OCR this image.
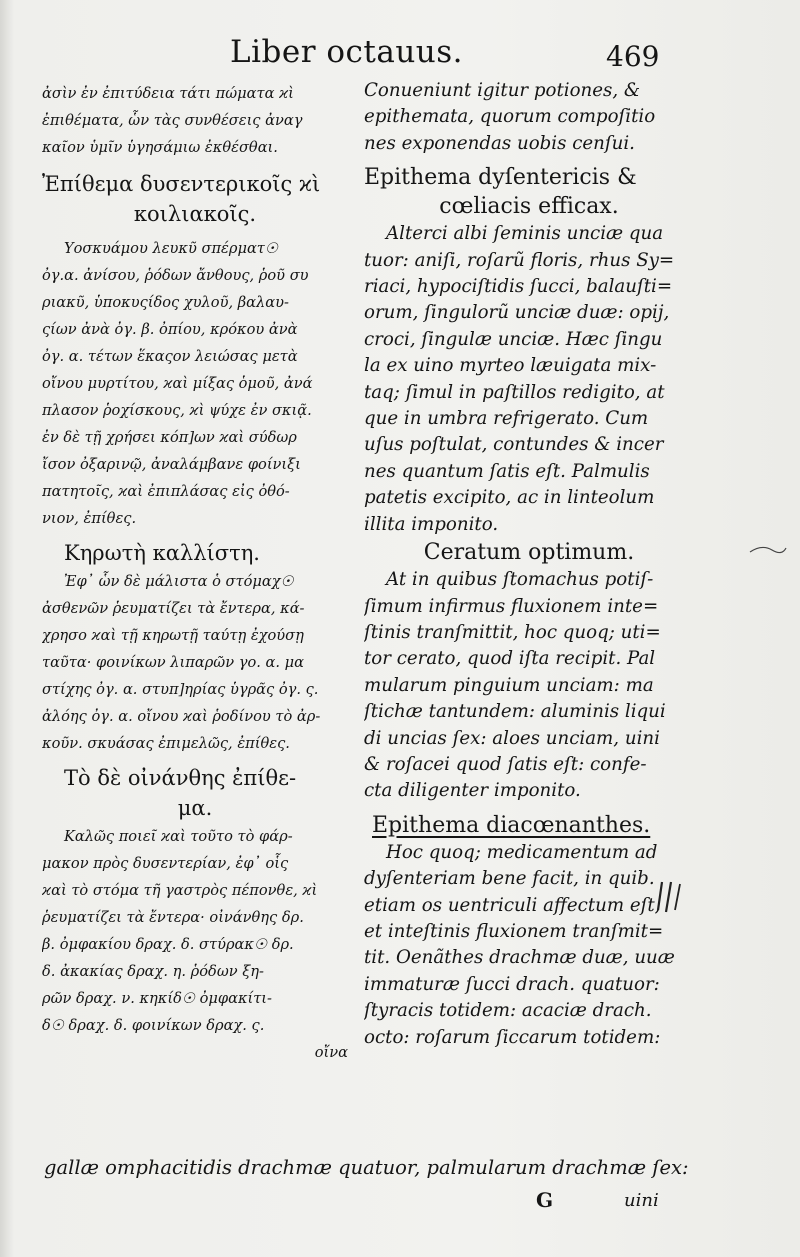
Liber octauus.	469
ἀσὶν ἐν ἐπιτύδεια τάτι πώματα ϰὶ
ἐπιθέματα, ὧν τὰς συνθέσεις ἀναγ
καῖον ὑμῖν ὑγησάμιω ἐκθέσθαι.
Ἐπίθεμα δυσεντερικοῖς ϰὶ
κοιλιακοῖς.
Υοσκυάμου λευκῦ σπέρματ☉
ὀγ.α. ἀνίσου, ῥόδων ἄνθους, ῥοῦ συ
ριακῦ, ὑποκυςίδος χυλοῦ, βαλαυ-
ςίων ἀνὰ ὀγ. β. ὀπίου, κρόκου ἀνὰ
ὀγ. α. τέτων ἕκαςον λειώσας μετὰ
οἴνου μυρτίτου, ϰαὶ μίξας ὁμοῦ, ἀνά
πλασον ῥοχίσκους, ϰὶ ψύχε ἐν σκιᾷ.
ἐν δὲ τῇ χρήσει κόπ]ων ϰαὶ σύδωρ
ἴσον ὀξαρινῷ, ἀναλάμβανε φοίνιξι
πατητοῖς, ϰαὶ ἐπιπλάσας εἰς ὀθό-
νιον, ἐπίθες.
Κηρωτὴ καλλίστη.
Ἐφ᾽ ὧν δὲ μάλιστα ὁ στόμαχ☉
ἀσθενῶν ῥευματίζει τὰ ἔντερα, κά-
χρησο ϰαὶ τῇ κηρωτῇ ταύτῃ ἐχούσῃ
ταῦτα· φοινίκων λιπαρῶν γο. α. μα
στίχης ὀγ. α. στυπ]ηρίας ὑγρᾶς ὀγ. ς.
ἀλόης ὀγ. α. οἴνου ϰαὶ ῥοδίνου τὸ ἀρ-
κοῦν. σκυάσας ἐπιμελῶς, ἐπίθες.
Τὸ δὲ οἰνάνθης ἐπίθε-
μα.
Καλῶς ποιεῖ ϰαὶ τοῦτο τὸ φάρ-
μακον πρὸς δυσεντερίαν, ἐφ᾽ οἷς
ϰαὶ τὸ στόμα τῆ γαστρὸς πέπονθε, ϰὶ
ῥευματίζει τὰ ἔντερα· οἰνάνθης δρ.
β. ὀμφακίου δραχ. δ. στύρακ☉ δρ.
δ. ἀκακίας δραχ. η. ῥόδων ξη-
ρῶν δραχ. ν. κηκίδ☉ ὀμφακίτι-
δ☉ δραχ. δ. φοινίκων δραχ. ς.
οἴνα
Conueniunt igitur potiones, &
epithemata, quorum compoſitio
nes exponendas uobis cenſui.
Epithema dyſentericis &
cœliacis efficax.
Alterci albi ſeminis unciæ qua
tuor: aniſi, roſarũ floris, rhus Sy=
riaci, hypociſtidis ſucci, balauſti=
orum, ſingulorũ unciæ duæ: opij,
croci, ſingulæ unciæ. Hæc ſingu
la ex uino myrteo læuigata mix-
taq; ſimul in paſtillos redigito, at
que in umbra refrigerato. Cum
uſus poſtulat, contundes & incer
nes quantum ſatis eſt. Palmulis
patetis excipito, ac in linteolum
illita imponito.
Ceratum optimum.
At in quibus ſtomachus potiſ-
ſimum infirmus fluxionem inte=
ſtinis tranſmittit, hoc quoq; uti=
tor cerato, quod iſta recipit. Pal
mularum pinguium unciam: ma
ſtichæ tantundem: aluminis liqui
di uncias ſex: aloes unciam, uini
& roſacei quod ſatis eſt: confe-
cta diligenter imponito.
Epithema diacœnanthes.
Hoc quoq; medicamentum ad
dyſenteriam bene facit, in quib.
etiam os uentriculi affectum eſt,
et inteſtinis fluxionem tranſmit=
tit. Oenãthes drachmæ duæ, uuæ
immaturæ ſucci drach. quatuor:
ſtyracis totidem: acaciæ drach.
octo: roſarum ſiccarum totidem:
gallæ omphacitidis drachmæ quatuor, palmularum drachmæ ſex:
G	uini
